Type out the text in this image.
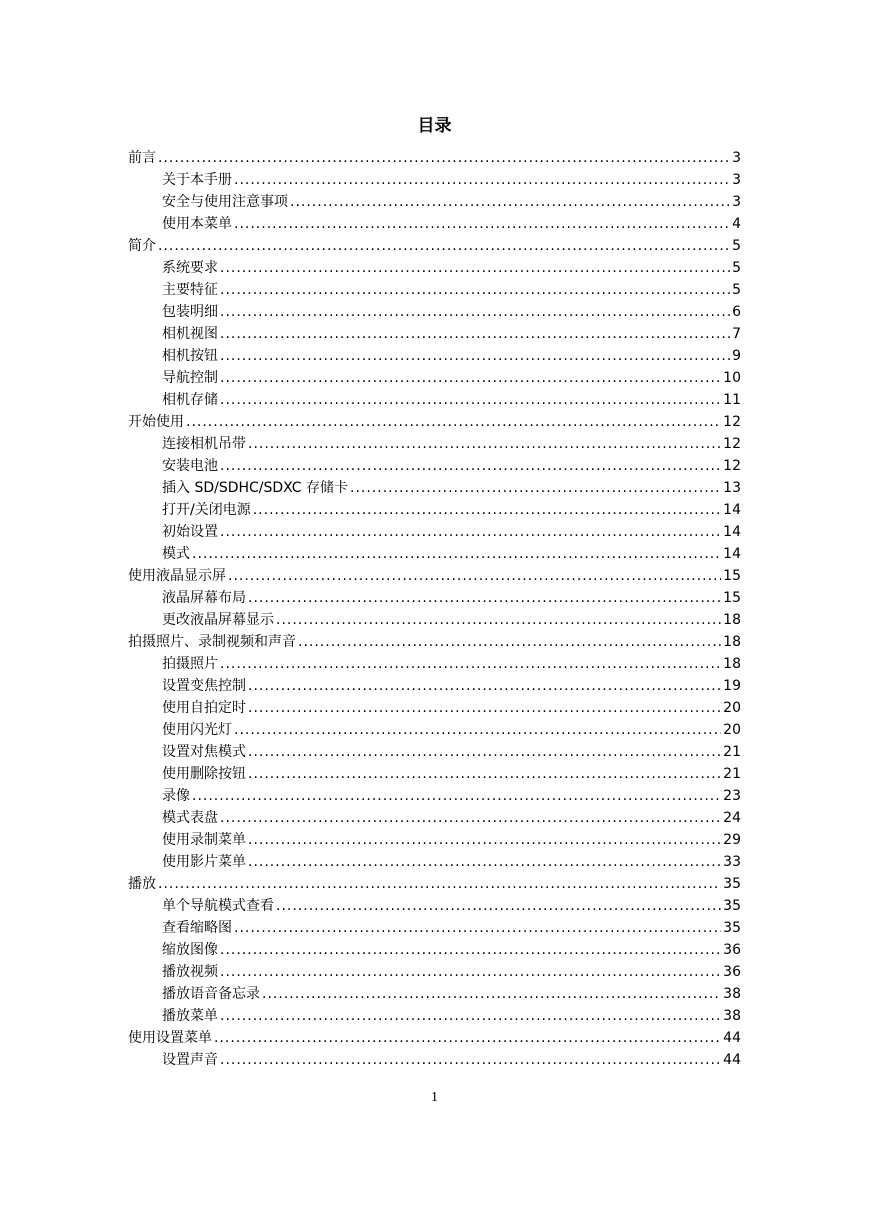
目录
前言 .....	3
关于本手册 .....	3
安全与使用注意事项 .....	3
使用本菜单 .....	4
简介 .....	5
系统要求 .....	5
主要特征 .....	5
包装明细 .....	6
相机视图 .....	7
相机按钮 .....	9
导航控制 .....	10
相机存储 .....	11
开始使用 .....	12
连接相机吊带 .....	12
安装电池 .....	12
插入 SD/SDHC/SDXC 存储卡 .....	13
打开/关闭电源 .....	14
初始设置 .....	14
模式 .....	14
使用液晶显示屏 .....	15
液晶屏幕布局 .....	15
更改液晶屏幕显示 .....	18
拍摄照片、录制视频和声音 .....	18
拍摄照片 .....	18
设置变焦控制 .....	19
使用自拍定时 .....	20
使用闪光灯 .....	20
设置对焦模式 .....	21
使用删除按钮 .....	21
录像 .....	23
模式表盘 .....	24
使用录制菜单 .....	29
使用影片菜单 .....	33
播放 .....	35
单个导航模式查看 .....	35
查看缩略图 .....	35
缩放图像 .....	36
播放视频 .....	36
播放语音备忘录 .....	38
播放菜单 .....	38
使用设置菜单 .....	44
设置声音 .....	44
1
